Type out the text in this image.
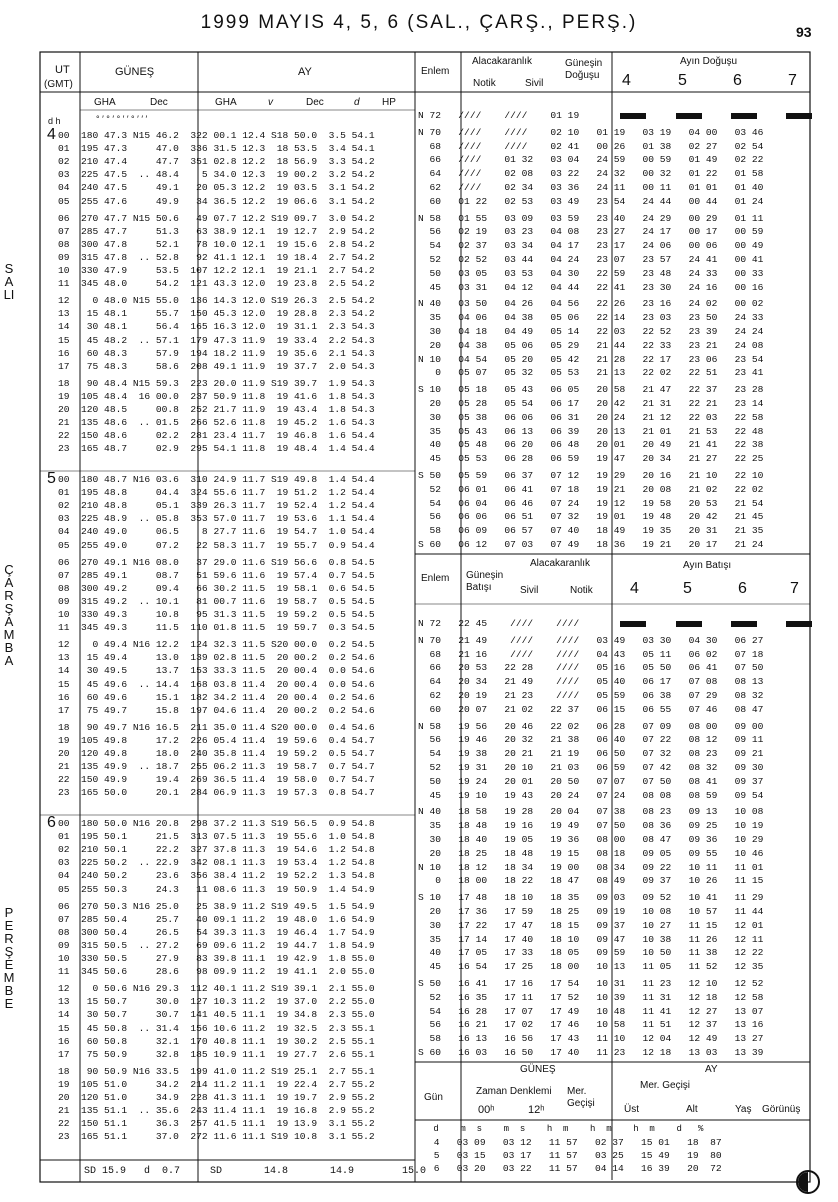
1999 MAYIS 4, 5, 6 (SAL., ÇARŞ., PERŞ.)	93
UT
(GMT)
GÜNEŞ	AY
GHA	Dec	GHA	v	Dec	d HP
d h	° ′ ° ′ ° ′ ′ ° ′ ′ ′
Enlem
Alacakaranlık
Notik	Sivil
Güneşin Doğuşu
Ayın Doğuşu
4	5	6	7
00  180 47.3 N15 46.2  322 00.1 12.4 S18 50.0  3.5 54.1
01  195 47.3     47.0  336 31.5 12.3  18 53.5  3.4 54.1
02  210 47.4     47.7  351 02.8 12.2  18 56.9  3.3 54.2
03  225 47.5  .. 48.4    5 34.0 12.3  19 00.2  3.2 54.2
04  240 47.5     49.1   20 05.3 12.2  19 03.5  3.1 54.2
05  255 47.6     49.9   34 36.5 12.2  19 06.6  3.1 54.2
06  270 47.7 N15 50.6   49 07.7 12.2 S19 09.7  3.0 54.2
07  285 47.7     51.3   63 38.9 12.1  19 12.7  2.9 54.2
08  300 47.8     52.1   78 10.0 12.1  19 15.6  2.8 54.2
09  315 47.8  .. 52.8   92 41.1 12.1  19 18.4  2.7 54.2
10  330 47.9     53.5  107 12.2 12.1  19 21.1  2.7 54.2
11  345 48.0     54.2  121 43.3 12.0  19 23.8  2.5 54.2
12    0 48.0 N15 55.0  136 14.3 12.0 S19 26.3  2.5 54.2
13   15 48.1     55.7  150 45.3 12.0  19 28.8  2.3 54.2
14   30 48.1     56.4  165 16.3 12.0  19 31.1  2.3 54.3
15   45 48.2  .. 57.1  179 47.3 11.9  19 33.4  2.2 54.3
16   60 48.3     57.9  194 18.2 11.9  19 35.6  2.1 54.3
17   75 48.3     58.6  208 49.1 11.9  19 37.7  2.0 54.3
18   90 48.4 N15 59.3  223 20.0 11.9 S19 39.7  1.9 54.3
19  105 48.4  16 00.0  237 50.9 11.8  19 41.6  1.8 54.3
20  120 48.5     00.8  252 21.7 11.9  19 43.4  1.8 54.3
21  135 48.6  .. 01.5  266 52.6 11.8  19 45.2  1.6 54.3
22  150 48.6     02.2  281 23.4 11.7  19 46.8  1.6 54.4
23  165 48.7     02.9  295 54.1 11.8  19 48.4  1.4 54.4
00  180 48.7 N16 03.6  310 24.9 11.7 S19 49.8  1.4 54.4
01  195 48.8     04.4  324 55.6 11.7  19 51.2  1.2 54.4
02  210 48.8     05.1  339 26.3 11.7  19 52.4  1.2 54.4
03  225 48.9  .. 05.8  353 57.0 11.7  19 53.6  1.1 54.4
04  240 49.0     06.5    8 27.7 11.6  19 54.7  1.0 54.4
05  255 49.0     07.2   22 58.3 11.7  19 55.7  0.9 54.4
06  270 49.1 N16 08.0   37 29.0 11.6 S19 56.6  0.8 54.5
07  285 49.1     08.7   51 59.6 11.6  19 57.4  0.7 54.5
08  300 49.2     09.4   66 30.2 11.5  19 58.1  0.6 54.5
09  315 49.2  .. 10.1   81 00.7 11.6  19 58.7  0.5 54.5
10  330 49.3     10.8   95 31.3 11.5  19 59.2  0.5 54.5
11  345 49.3     11.5  110 01.8 11.5  19 59.7  0.3 54.5
12    0 49.4 N16 12.2  124 32.3 11.5 S20 00.0  0.2 54.5
13   15 49.4     13.0  139 02.8 11.5  20 00.2  0.2 54.6
14   30 49.5     13.7  153 33.3 11.5  20 00.4  0.0 54.6
15   45 49.6  .. 14.4  168 03.8 11.4  20 00.4  0.0 54.6
16   60 49.6     15.1  182 34.2 11.4  20 00.4  0.2 54.6
17   75 49.7     15.8  197 04.6 11.4  20 00.2  0.2 54.6
18   90 49.7 N16 16.5  211 35.0 11.4 S20 00.0  0.4 54.6
19  105 49.8     17.2  226 05.4 11.4  19 59.6  0.4 54.7
20  120 49.8     18.0  240 35.8 11.4  19 59.2  0.5 54.7
21  135 49.9  .. 18.7  255 06.2 11.3  19 58.7  0.7 54.7
22  150 49.9     19.4  269 36.5 11.4  19 58.0  0.7 54.7
23  165 50.0     20.1  284 06.9 11.3  19 57.3  0.8 54.7
00  180 50.0 N16 20.8  298 37.2 11.3 S19 56.5  0.9 54.8
01  195 50.1     21.5  313 07.5 11.3  19 55.6  1.0 54.8
02  210 50.1     22.2  327 37.8 11.3  19 54.6  1.2 54.8
03  225 50.2  .. 22.9  342 08.1 11.3  19 53.4  1.2 54.8
04  240 50.2     23.6  356 38.4 11.2  19 52.2  1.3 54.8
05  255 50.3     24.3   11 08.6 11.3  19 50.9  1.4 54.9
06  270 50.3 N16 25.0   25 38.9 11.2 S19 49.5  1.5 54.9
07  285 50.4     25.7   40 09.1 11.2  19 48.0  1.6 54.9
08  300 50.4     26.5   54 39.3 11.3  19 46.4  1.7 54.9
09  315 50.5  .. 27.2   69 09.6 11.2  19 44.7  1.8 54.9
10  330 50.5     27.9   83 39.8 11.1  19 42.9  1.8 55.0
11  345 50.6     28.6   98 09.9 11.2  19 41.1  2.0 55.0
12    0 50.6 N16 29.3  112 40.1 11.2 S19 39.1  2.1 55.0
13   15 50.7     30.0  127 10.3 11.2  19 37.0  2.2 55.0
14   30 50.7     30.7  141 40.5 11.1  19 34.8  2.3 55.0
15   45 50.8  .. 31.4  156 10.6 11.2  19 32.5  2.3 55.1
16   60 50.8     32.1  170 40.8 11.1  19 30.2  2.5 55.1
17   75 50.9     32.8  185 10.9 11.1  19 27.7  2.6 55.1
18   90 50.9 N16 33.5  199 41.0 11.2 S19 25.1  2.7 55.1
19  105 51.0     34.2  214 11.2 11.1  19 22.4  2.7 55.2
20  120 51.0     34.9  228 41.3 11.1  19 19.7  2.9 55.2
21  135 51.1  .. 35.6  243 11.4 11.1  19 16.8  2.9 55.2
22  150 51.1     36.3  257 41.5 11.1  19 13.9  3.1 55.2
23  165 51.1     37.0  272 11.6 11.1 S19 10.8  3.1 55.2
4
5
6
SALI
ÇARŞAMBA
PERŞEMBE
N 72   ////    ////    01 19
N 70   ////    ////    02 10   01 19   03 19   04 00   03 46
68   ////    ////    02 41   00 26   01 38   02 27   02 54
66   ////    01 32   03 04   24 59   00 59   01 49   02 22
64   ////    02 08   03 22   24 32   00 32   01 22   01 58
62   ////    02 34   03 36   24 11   00 11   01 01   01 40
60   01 22   02 53   03 49   23 54   24 44   00 44   01 24
N 58   01 55   03 09   03 59   23 40   24 29   00 29   01 11
56   02 19   03 23   04 08   23 27   24 17   00 17   00 59
54   02 37   03 34   04 17   23 17   24 06   00 06   00 49
52   02 52   03 44   04 24   23 07   23 57   24 41   00 41
50   03 05   03 53   04 30   22 59   23 48   24 33   00 33
45   03 31   04 12   04 44   22 41   23 30   24 16   00 16
N 40   03 50   04 26   04 56   22 26   23 16   24 02   00 02
35   04 06   04 38   05 06   22 14   23 03   23 50   24 33
30   04 18   04 49   05 14   22 03   22 52   23 39   24 24
20   04 38   05 06   05 29   21 44   22 33   23 21   24 08
N 10   04 54   05 20   05 42   21 28   22 17   23 06   23 54
0   05 07   05 32   05 53   21 13   22 02   22 51   23 41
S 10   05 18   05 43   06 05   20 58   21 47   22 37   23 28
20   05 28   05 54   06 17   20 42   21 31   22 21   23 14
30   05 38   06 06   06 31   20 24   21 12   22 03   22 58
35   05 43   06 13   06 39   20 13   21 01   21 53   22 48
40   05 48   06 20   06 48   20 01   20 49   21 41   22 38
45   05 53   06 28   06 59   19 47   20 34   21 27   22 25
S 50   05 59   06 37   07 12   19 29   20 16   21 10   22 10
52   06 01   06 41   07 18   19 21   20 08   21 02   22 02
54   06 04   06 46   07 24   19 12   19 58   20 53   21 54
56   06 06   06 51   07 32   19 01   19 48   20 42   21 45
58   06 09   06 57   07 40   18 49   19 35   20 31   21 35
S 60   06 12   07 03   07 49   18 36   19 21   20 17   21 24
Enlem Güneşin Batışı
Alacakaranlık
Sivil	Notik
Ayın Batışı
4	5	6	7
N 72   22 45    ////    ////
N 70   21 49    ////    ////   03 49   03 30   04 30   06 27
68   21 16    ////    ////   04 43   05 11   06 02   07 18
66   20 53   22 28    ////   05 16   05 50   06 41   07 50
64   20 34   21 49    ////   05 40   06 17   07 08   08 13
62   20 19   21 23    ////   05 59   06 38   07 29   08 32
60   20 07   21 02   22 37   06 15   06 55   07 46   08 47
N 58   19 56   20 46   22 02   06 28   07 09   08 00   09 00
56   19 46   20 32   21 38   06 40   07 22   08 12   09 11
54   19 38   20 21   21 19   06 50   07 32   08 23   09 21
52   19 31   20 10   21 03   06 59   07 42   08 32   09 30
50   19 24   20 01   20 50   07 07   07 50   08 41   09 37
45   19 10   19 43   20 24   07 24   08 08   08 59   09 54
N 40   18 58   19 28   20 04   07 38   08 23   09 13   10 08
35   18 48   19 16   19 49   07 50   08 36   09 25   10 19
30   18 40   19 05   19 36   08 00   08 47   09 36   10 29
20   18 25   18 48   19 15   08 18   09 05   09 55   10 46
N 10   18 12   18 34   19 00   08 34   09 22   10 11   11 01
0   18 00   18 22   18 47   08 49   09 37   10 26   11 15
S 10   17 48   18 10   18 35   09 03   09 52   10 41   11 29
20   17 36   17 59   18 25   09 19   10 08   10 57   11 44
30   17 22   17 47   18 15   09 37   10 27   11 15   12 01
35   17 14   17 40   18 10   09 47   10 38   11 26   12 11
40   17 05   17 33   18 05   09 59   10 50   11 38   12 22
45   16 54   17 25   18 00   10 13   11 05   11 52   12 35
S 50   16 41   17 16   17 54   10 31   11 23   12 10   12 52
52   16 35   17 11   17 52   10 39   11 31   12 18   12 58
54   16 28   17 07   17 49   10 48   11 41   12 27   13 07
56   16 21   17 02   17 46   10 58   11 51   12 37   13 16
58   16 13   16 56   17 43   11 10   12 04   12 49   13 27
S 60   16 03   16 50   17 40   11 23   12 18   13 03   13 39
GÜNEŞ	AY
Gün
Zaman Denklemi
00ʰ	12ʰ
Mer. Geçişi
Mer. Geçişi
Üst	Alt	Yaş Görünüş
d    m  s    m  s    h  m    h  m    h  m    d   %
4   03 09   03 12   11 57   02 37   15 01   18  87
5   03 15   03 17   11 57   03 25   15 49   19  80
6   03 20   03 22   11 57   04 14   16 39   20  72
SD 15.9   d  0.7     SD       14.8       14.9        15.0
